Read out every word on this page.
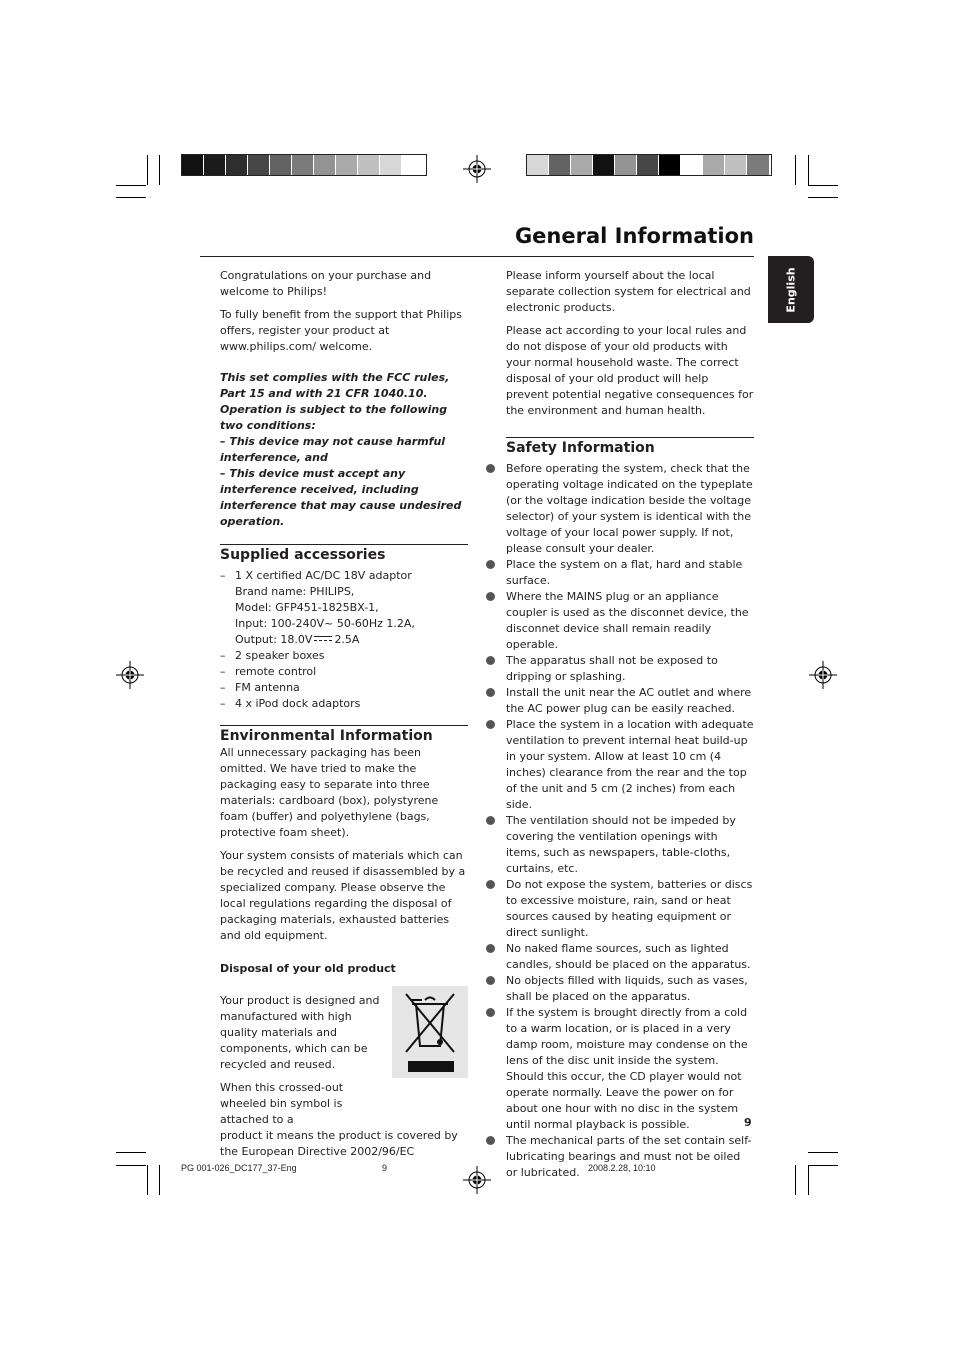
General Information
English

Congratulations on your purchase and welcome to Philips!

To fully benefit from the support that Philips offers, register your product at www.philips.com/ welcome.

This set complies with the FCC rules,
Part 15 and with 21 CFR 1040.10.
Operation is subject to the following two conditions:
– This device may not cause harmful interference, and
– This device must accept any interference received, including interference that may cause undesired operation.
Supplied accessories
– 1 X certified AC/DC 18V adaptor
Brand name: PHILIPS,
Model: GFP451-1825BX-1,
Input: 100-240V~ 50-60Hz 1.2A,
Output: 18.0V 2.5A
– 2 speaker boxes
– remote control
– FM antenna
– 4 x iPod dock adaptors
Environmental Information

All unnecessary packaging has been omitted. We have tried to make the packaging easy to separate into three materials: cardboard (box), polystyrene foam (buffer) and polyethylene (bags, protective foam sheet).

Your system consists of materials which can be recycled and reused if disassembled by a specialized company. Please observe the local regulations regarding the disposal of packaging materials, exhausted batteries and old equipment.

Disposal of your old product

Your product is designed and manufactured with high quality materials and components, which can be recycled and reused.

When this crossed-out wheeled bin symbol is attached to a
product it means the product is covered by the European Directive 2002/96/EC

Please inform yourself about the local separate collection system for electrical and electronic products.

Please act according to your local rules and do not dispose of your old products with your normal household waste. The correct disposal of your old product will help prevent potential negative consequences for the environment and human health.

Safety Information
Before operating the system, check that the operating voltage indicated on the typeplate (or the voltage indication beside the voltage selector) of your system is identical with the voltage of your local power supply. If not, please consult your dealer.
Place the system on a flat, hard and stable surface.
Where the MAINS plug or an appliance coupler is used as the disconnet device, the disconnet device shall remain readily operable.
The apparatus shall not be exposed to dripping or splashing.
Install the unit near the AC outlet and where the AC power plug can be easily reached.
Place the system in a location with adequate ventilation to prevent internal heat build-up in your system. Allow at least 10 cm (4 inches) clearance from the rear and the top of the unit and 5 cm (2 inches) from each side.
The ventilation should not be impeded by covering the ventilation openings with items, such as newspapers, table-cloths, curtains, etc.
Do not expose the system, batteries or discs to excessive moisture, rain, sand or heat sources caused by heating equipment or direct sunlight.
No naked flame sources, such as lighted candles, should be placed on the apparatus.
No objects filled with liquids, such as vases, shall be placed on the apparatus.
If the system is brought directly from a cold to a warm location, or is placed in a very damp room, moisture may condense on the lens of the disc unit inside the system. Should this occur, the CD player would not operate normally. Leave the power on for about one hour with no disc in the system until normal playback is possible.
The mechanical parts of the set contain self-lubricating bearings and must not be oiled or lubricated.
9
PG 001-026_DC177_37-Eng	9	2008.2.28, 10:10
